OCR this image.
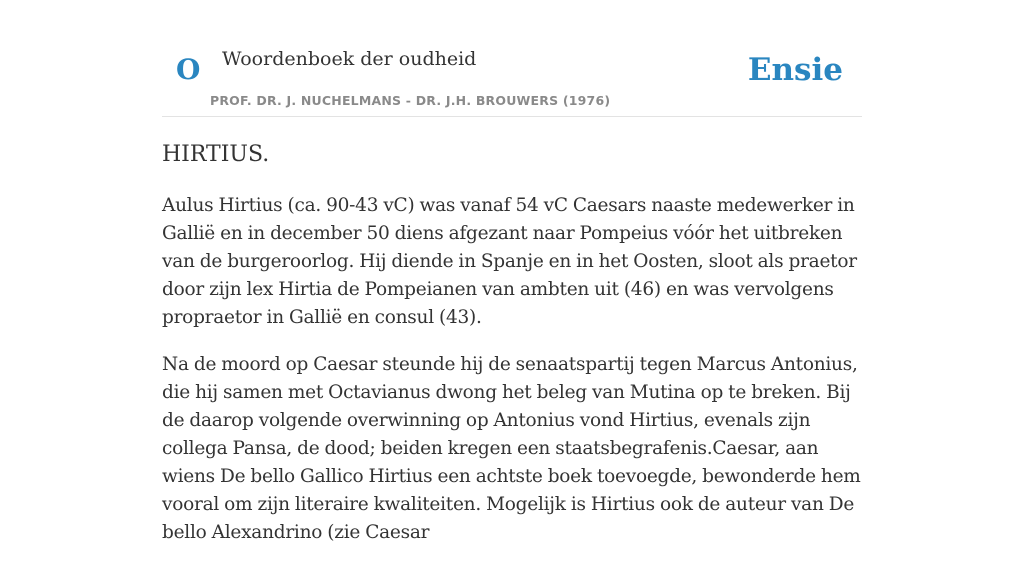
O Woordenboek der oudheid
PROF. DR. J. NUCHELMANS - DR. J.H. BROUWERS (1976)
Ensie
HIRTIUS.

Aulus Hirtius (ca. 90-43 vC) was vanaf 54 vC Caesars naaste medewerker in Gallië en in december 50 diens afgezant naar Pompeius vóór het uitbreken van de burgeroorlog. Hij diende in Spanje en in het Oosten, sloot als praetor door zijn lex Hirtia de Pompeianen van ambten uit (46) en was vervolgens propraetor in Gallië en consul (43).

Na de moord op Caesar steunde hij de senaatspartij tegen Marcus Antonius, die hij samen met Octavianus dwong het beleg van Mutina op te breken. Bij de daarop volgende overwinning op Antonius vond Hirtius, evenals zijn collega Pansa, de dood; beiden kregen een staatsbegrafenis.Caesar, aan wiens De bello Gallico Hirtius een achtste boek toevoegde, bewonderde hem vooral om zijn literaire kwaliteiten. Mogelijk is Hirtius ook de auteur van De bello Alexandrino (zie Caesar
